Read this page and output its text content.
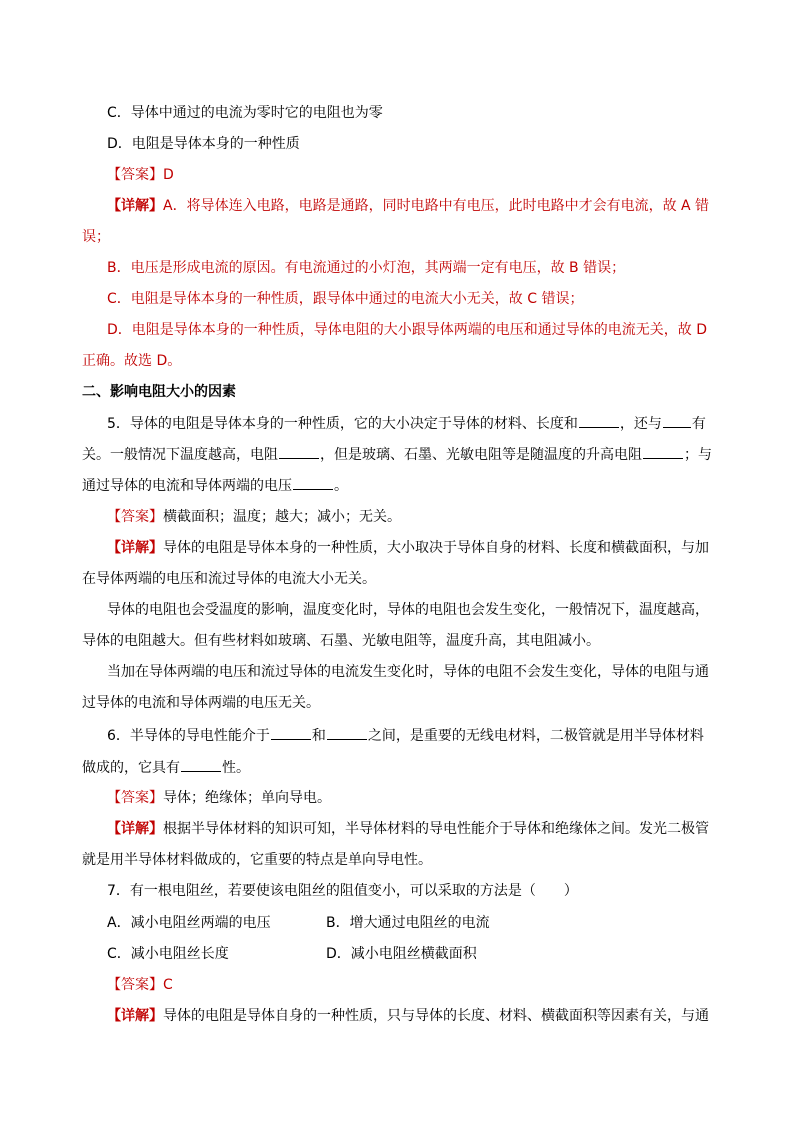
C．导体中通过的电流为零时它的电阻也为零
D．电阻是导体本身的一种性质
【答案】D
【详解】A．将导体连入电路，电路是通路，同时电路中有电压，此时电路中才会有电流，故 A 错
误；
B．电压是形成电流的原因。有电流通过的小灯泡，其两端一定有电压，故 B 错误；
C．电阻是导体本身的一种性质，跟导体中通过的电流大小无关，故 C 错误；
D．电阻是导体本身的一种性质，导体电阻的大小跟导体两端的电压和通过导体的电流无关，故 D
正确。故选 D。
二、影响电阻大小的因素
5．导体的电阻是导体本身的一种性质，它的大小决定于导体的材料、长度和	，还与 有
关。一般情况下温度越高，电阻	，但是玻璃、石墨、光敏电阻等是随温度的升高电阻	；与
通过导体的电流和导体两端的电压	。
【答案】横截面积；温度；越大；减小；无关。
【详解】导体的电阻是导体本身的一种性质，大小取决于导体自身的材料、长度和横截面积，与加
在导体两端的电压和流过导体的电流大小无关。
导体的电阻也会受温度的影响，温度变化时，导体的电阻也会发生变化，一般情况下，温度越高，
导体的电阻越大。但有些材料如玻璃、石墨、光敏电阻等，温度升高，其电阻减小。
当加在导体两端的电压和流过导体的电流发生变化时，导体的电阻不会发生变化，导体的电阻与通
过导体的电流和导体两端的电压无关。
6．半导体的导电性能介于	和	之间，是重要的无线电材料，二极管就是用半导体材料
做成的，它具有	性。
【答案】导体；绝缘体；单向导电。
【详解】根据半导体材料的知识可知，半导体材料的导电性能介于导体和绝缘体之间。发光二极管
就是用半导体材料做成的，它重要的特点是单向导电性。
7．有一根电阻丝，若要使该电阻丝的阻值变小，可以采取的方法是（　　）
A．减小电阻丝两端的电压	B．增大通过电阻丝的电流
C．减小电阻丝长度	D．减小电阻丝横截面积
【答案】C
【详解】导体的电阻是导体自身的一种性质，只与导体的长度、材料、横截面积等因素有关，与通
